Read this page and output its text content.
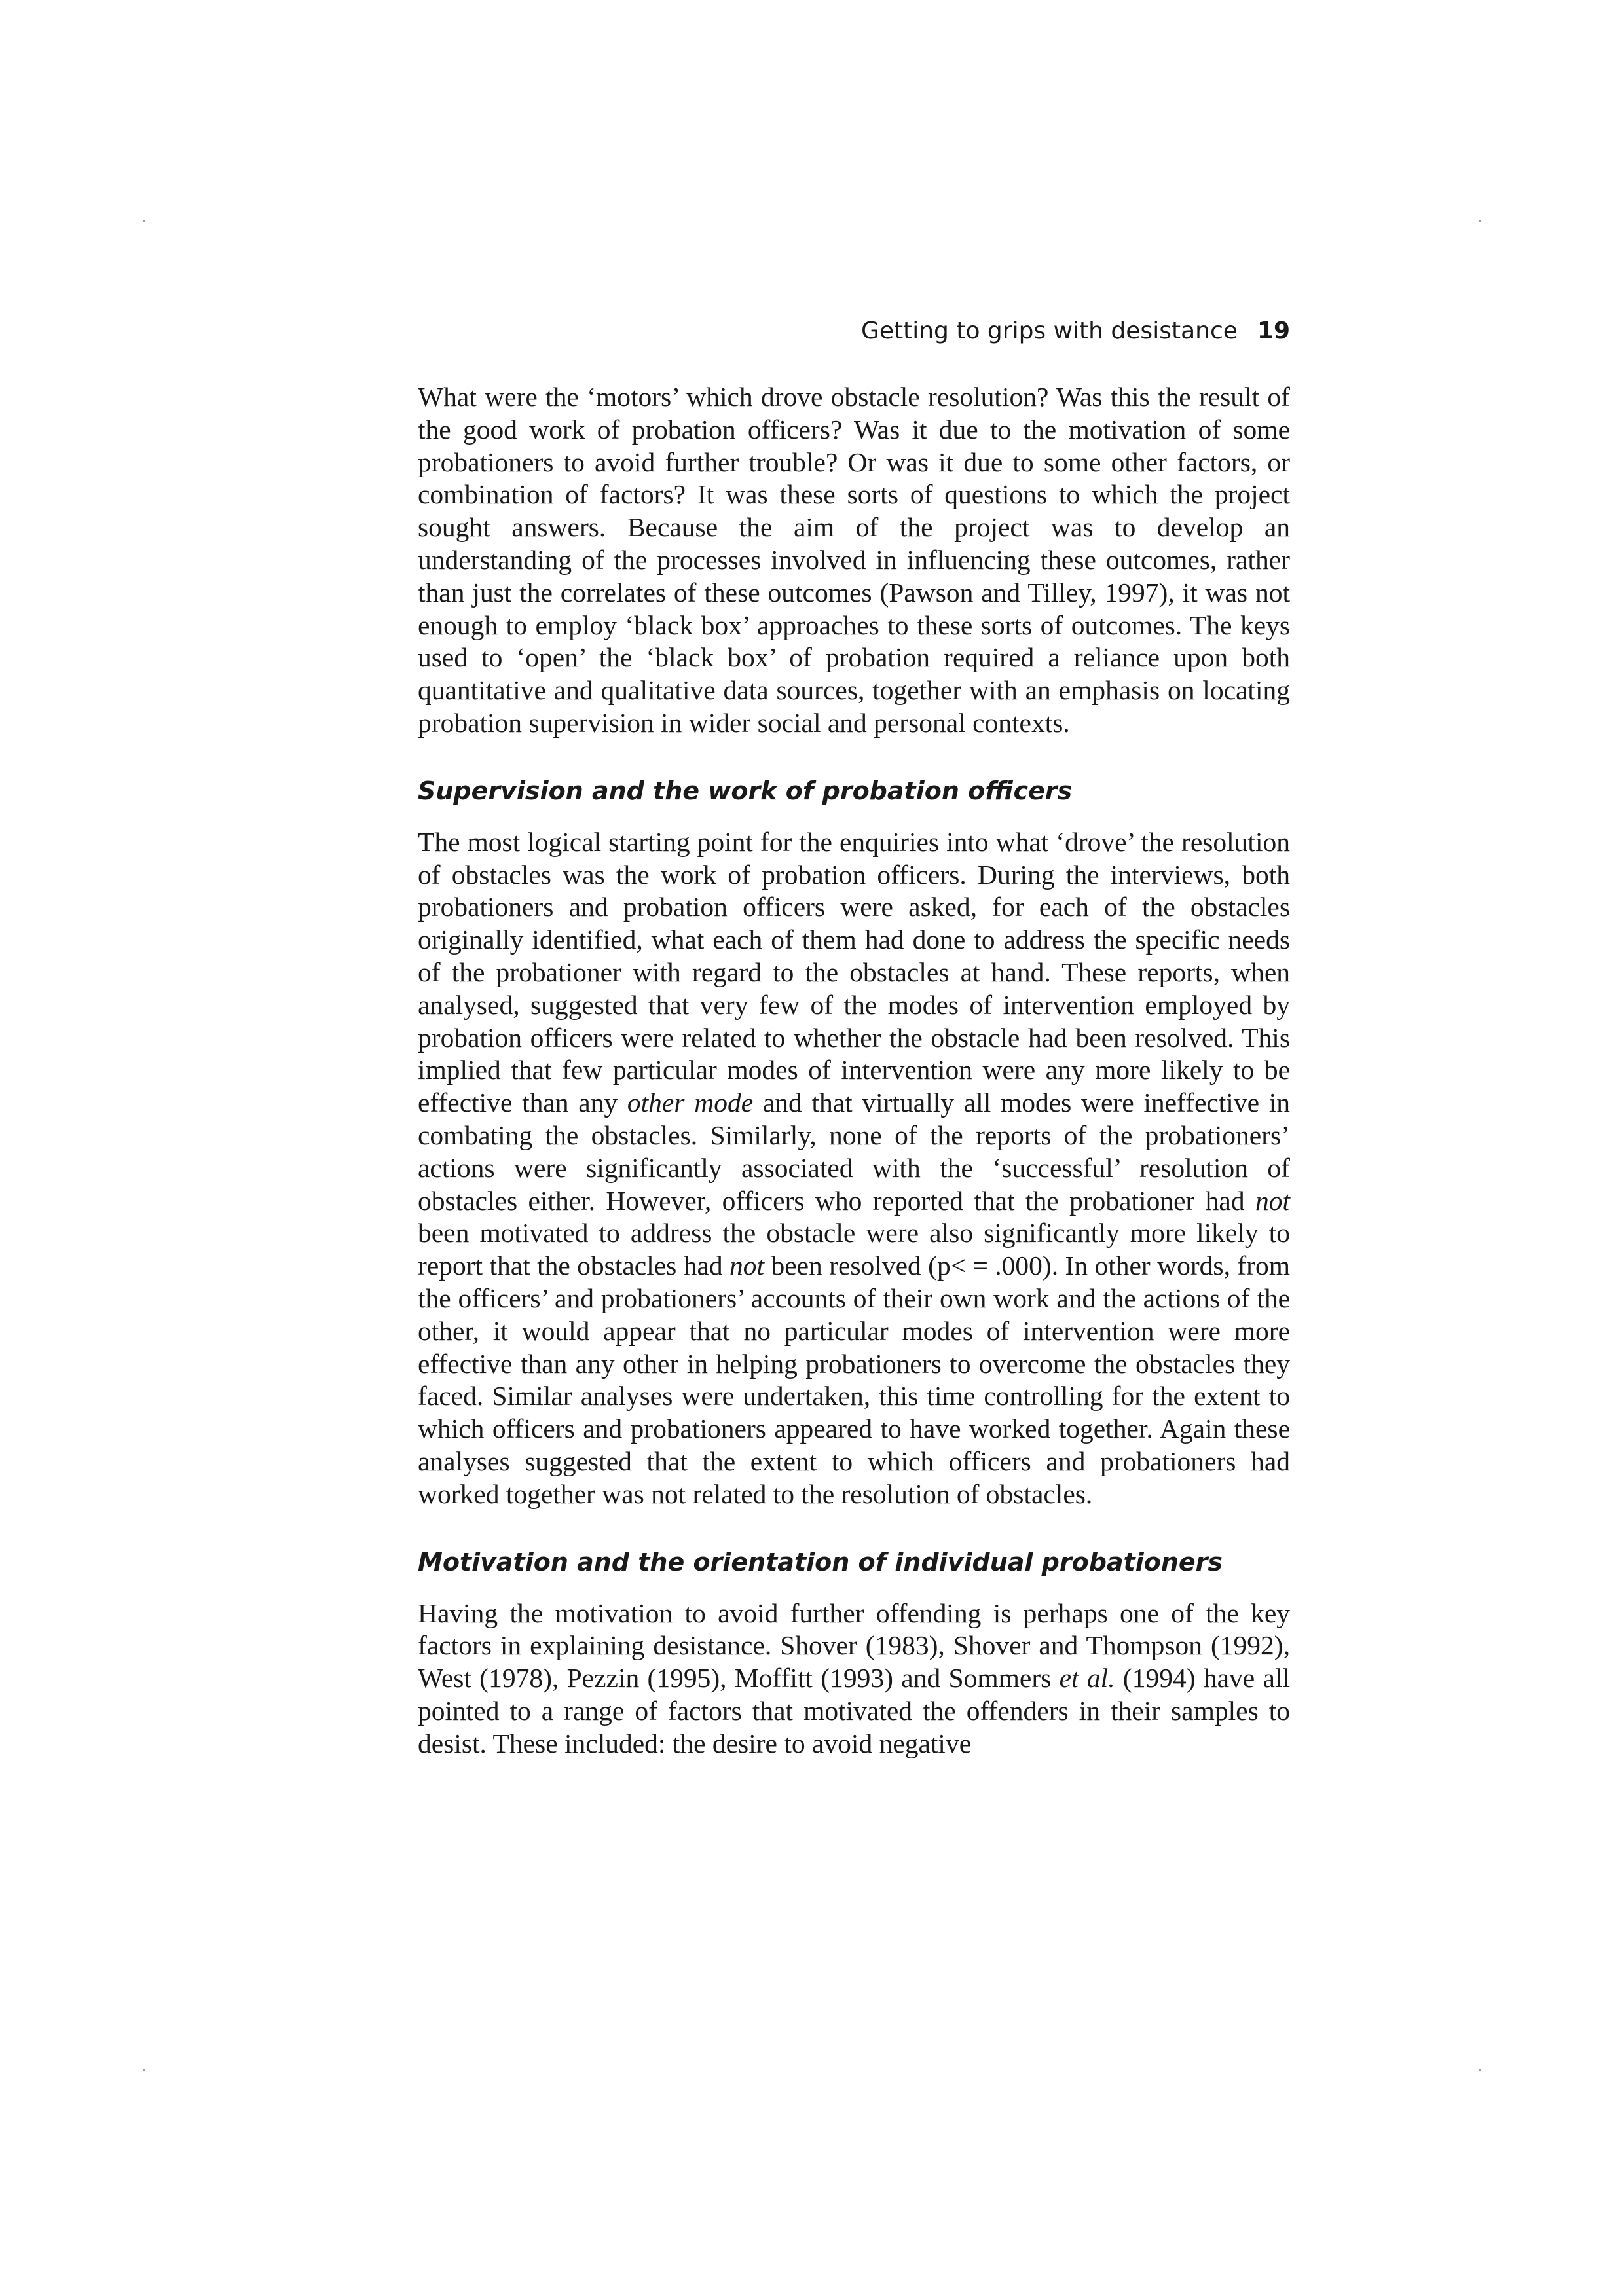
Getting to grips with desistance 19

What were the ‘motors’ which drove obstacle resolution? Was this the result of the good work of probation officers? Was it due to the motivation of some probationers to avoid further trouble? Or was it due to some other factors, or combination of factors? It was these sorts of questions to which the project sought answers. Because the aim of the project was to develop an understanding of the processes involved in influencing these outcomes, rather than just the correlates of these outcomes (Pawson and Tilley, 1997), it was not enough to employ ‘black box’ approaches to these sorts of outcomes. The keys used to ‘open’ the ‘black box’ of probation required a reliance upon both quantitative and qualitative data sources, together with an emphasis on locating probation supervision in wider social and personal contexts.

Supervision and the work of probation officers

The most logical starting point for the enquiries into what ‘drove’ the resolution of obstacles was the work of probation officers. During the interviews, both probationers and probation officers were asked, for each of the obstacles originally identified, what each of them had done to address the specific needs of the probationer with regard to the obstacles at hand. These reports, when analysed, suggested that very few of the modes of intervention employed by probation officers were related to whether the obstacle had been resolved. This implied that few particular modes of intervention were any more likely to be effective than any other mode and that virtually all modes were ineffective in combating the obstacles. Similarly, none of the reports of the probationers’ actions were significantly associated with the ‘successful’ resolution of obstacles either. However, officers who reported that the probationer had not been motivated to address the obstacle were also significantly more likely to report that the obstacles had not been resolved (p< = .000). In other words, from the officers’ and probationers’ accounts of their own work and the actions of the other, it would appear that no particular modes of intervention were more effective than any other in helping probationers to overcome the obstacles they faced. Similar analyses were undertaken, this time controlling for the extent to which officers and probationers appeared to have worked together. Again these analyses suggested that the extent to which officers and probationers had worked together was not related to the resolution of obstacles.

Motivation and the orientation of individual probationers

Having the motivation to avoid further offending is perhaps one of the key factors in explaining desistance. Shover (1983), Shover and Thompson (1992), West (1978), Pezzin (1995), Moffitt (1993) and Sommers et al. (1994) have all pointed to a range of factors that motivated the offenders in their samples to desist. These included: the desire to avoid negative
